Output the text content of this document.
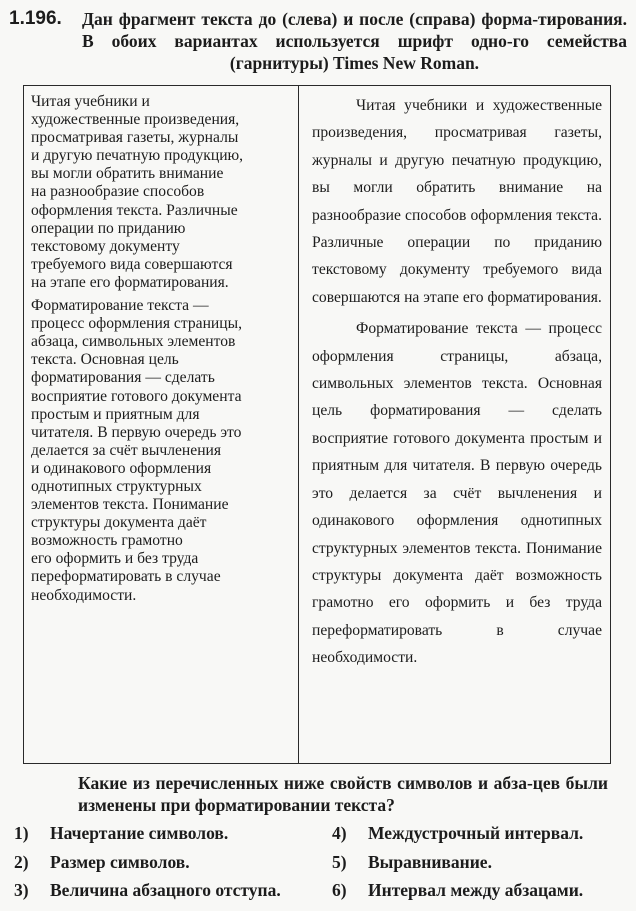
1.196. Дан фрагмент текста до (слева) и после (справа) форма-тирования. В обоих вариантах используется шрифт одно-го семейства (гарнитуры) Times New Roman.
Читая учебники и
художественные произведения,
просматривая газеты, журналы
и другую печатную продукцию,
вы могли обратить внимание
на разнообразие способов
оформления текста. Различные
операции по приданию
текстовому документу
требуемого вида совершаются
на этапе его форматирования.
Форматирование текста —
процесс оформления страницы,
абзаца, символьных элементов
текста. Основная цель
форматирования — сделать
восприятие готового документа
простым и приятным для
читателя. В первую очередь это
делается за счёт вычленения
и одинакового оформления
однотипных структурных
элементов текста. Понимание
структуры документа даёт
возможность грамотно
его оформить и без труда
переформатировать в случае
необходимости.

Читая учебники и художественные произведения, просматривая газеты, журналы и другую печатную продукцию, вы могли обратить внимание на разнообразие способов оформления текста. Различные операции по приданию текстовому документу требуемого вида совершаются на этапе его форматирования.

Форматирование текста — процесс оформления страницы, абзаца, символьных элементов текста. Основная цель форматирования — сделать восприятие готового документа простым и приятным для читателя. В первую очередь это делается за счёт вычленения и одинакового оформления однотипных структурных элементов текста. Понимание структуры документа даёт возможность грамотно его оформить и без труда переформатировать в случае необходимости.

Какие из перечисленных ниже свойств символов и абза-цев были изменены при форматировании текста?
1) Начертание символов.
2) Размер символов.
3) Величина абзацного отступа.
4) Междустрочный интервал.
5) Выравнивание.
6) Интервал между абзацами.
